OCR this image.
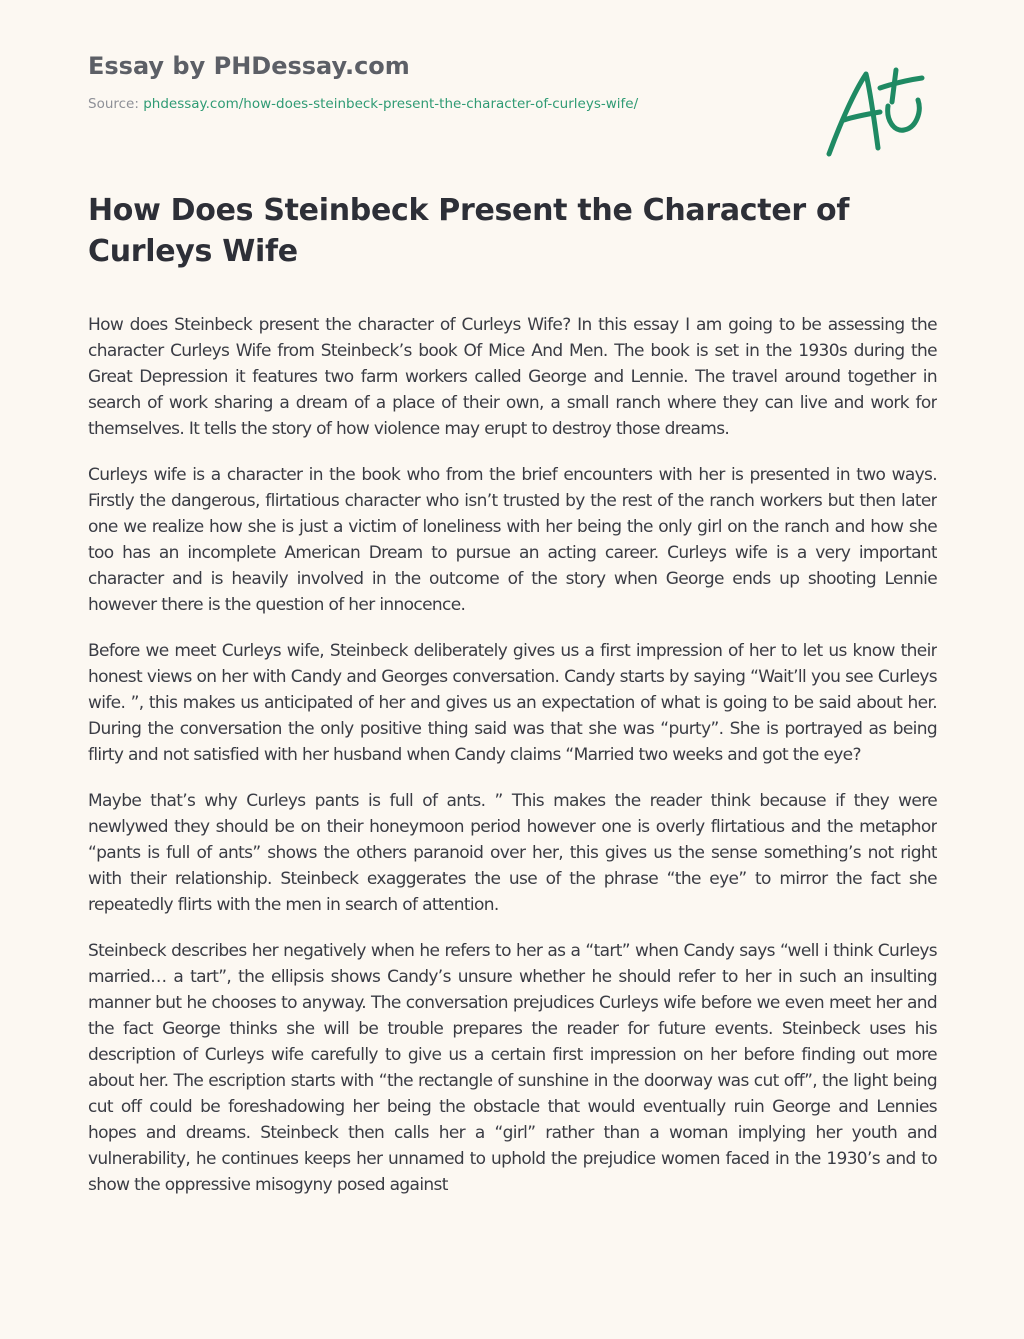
Essay by PHDessay.com
Source: phdessay.com/how-does-steinbeck-present-the-character-of-curleys-wife/
How Does Steinbeck Present the Character of Curleys Wife

How does Steinbeck present the character of Curleys Wife? In this essay I am going to be assessing the character Curleys Wife from Steinbeck’s book Of Mice And Men. The book is set in the 1930s during the Great Depression it features two farm workers called George and Lennie. The travel around together in search of work sharing a dream of a place of their own, a small ranch where they can live and work for themselves. It tells the story of how violence may erupt to destroy those dreams.

Curleys wife is a character in the book who from the brief encounters with her is presented in two ways. Firstly the dangerous, flirtatious character who isn’t trusted by the rest of the ranch workers but then later one we realize how she is just a victim of loneliness with her being the only girl on the ranch and how she too has an incomplete American Dream to pursue an acting career. Curleys wife is a very important character and is heavily involved in the outcome of the story when George ends up shooting Lennie however there is the question of her innocence.

Before we meet Curleys wife, Steinbeck deliberately gives us a first impression of her to let us know their honest views on her with Candy and Georges conversation. Candy starts by saying “Wait’ll you see Curleys wife. ”, this makes us anticipated of her and gives us an expectation of what is going to be said about her. During the conversation the only positive thing said was that she was “purty”. She is portrayed as being flirty and not satisfied with her husband when Candy claims “Married two weeks and got the eye?

Maybe that’s why Curleys pants is full of ants. ” This makes the reader think because if they were newlywed they should be on their honeymoon period however one is overly flirtatious and the metaphor “pants is full of ants” shows the others paranoid over her, this gives us the sense something’s not right with their relationship. Steinbeck exaggerates the use of the phrase “the eye” to mirror the fact she repeatedly flirts with the men in search of attention.

Steinbeck describes her negatively when he refers to her as a “tart” when Candy says “well i think Curleys married… a tart”, the ellipsis shows Candy’s unsure whether he should refer to her in such an insulting manner but he chooses to anyway. The conversation prejudices Curleys wife before we even meet her and the fact George thinks she will be trouble prepares the reader for future events. Steinbeck uses his description of Curleys wife carefully to give us a certain first impression on her before finding out more about her. The escription starts with “the rectangle of sunshine in the doorway was cut off”, the light being cut off could be foreshadowing her being the obstacle that would eventually ruin George and Lennies hopes and dreams. Steinbeck then calls her a “girl” rather than a woman implying her youth and vulnerability, he continues keeps her unnamed to uphold the prejudice women faced in the 1930’s and to show the oppressive misogyny posed against
